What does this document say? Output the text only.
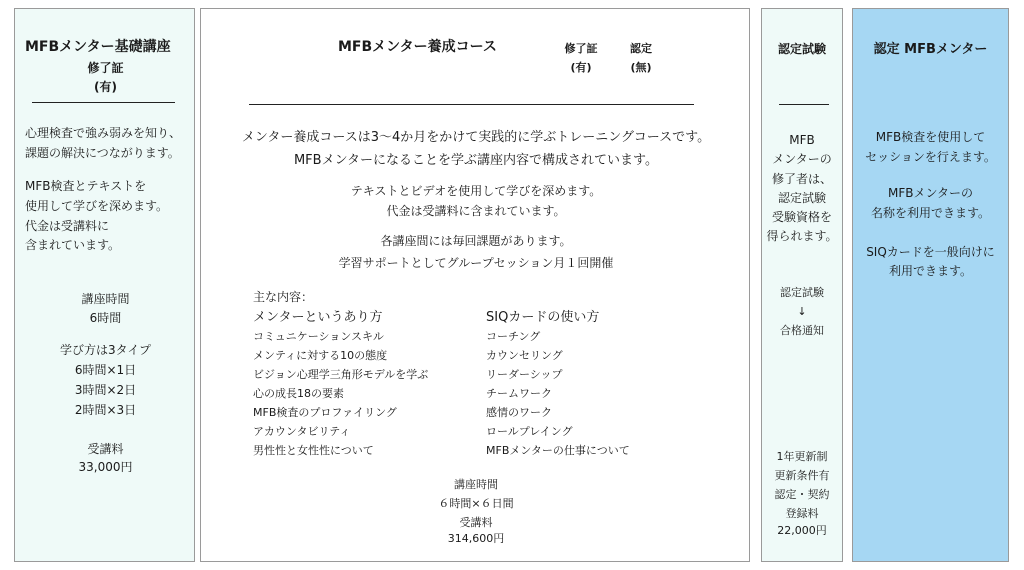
MFBメンター基礎講座
修了証
(有)
心理検査で強み弱みを知り、
課題の解決につながります。
MFB検査とテキストを
使用して学びを深めます。
代金は受講料に
含まれています。
講座時間
6時間
学び方は3タイプ
6時間×1日
3時間×2日
2時間×3日
受講料
33,000円
MFBメンター養成コース	修了証
(有)
認定
(無)
メンター養成コースは3〜4か月をかけて実践的に学ぶトレーニングコースです。
MFBメンターになることを学ぶ講座内容で構成されています。
テキストとビデオを使用して学びを深めます。
代金は受講料に含まれています。
各講座間には毎回課題があります。
学習サポートとしてグループセッション月１回開催
主な内容：
メンターというあり方
コミュニケーションスキル
メンティに対する10の態度
ビジョン心理学三角形モデルを学ぶ
心の成長18の要素
MFB検査のプロファイリング
アカウンタビリティ
男性性と女性性について
SIQカードの使い方
コーチング
カウンセリング
リーダーシップ
チームワーク
感情のワーク
ロールプレイング
MFBメンターの仕事について
講座時間
６時間×６日間
受講料
314,600円
認定試験
MFB
メンターの
修了者は、
認定試験
受験資格を
得られます。
認定試験
↓
合格通知
1年更新制
更新条件有
認定・契約
登録料
22,000円
認定 MFBメンター
MFB検査を使用して
セッションを行えます。
MFBメンターの
名称を利用できます。
SIQカードを一般向けに
利用できます。
